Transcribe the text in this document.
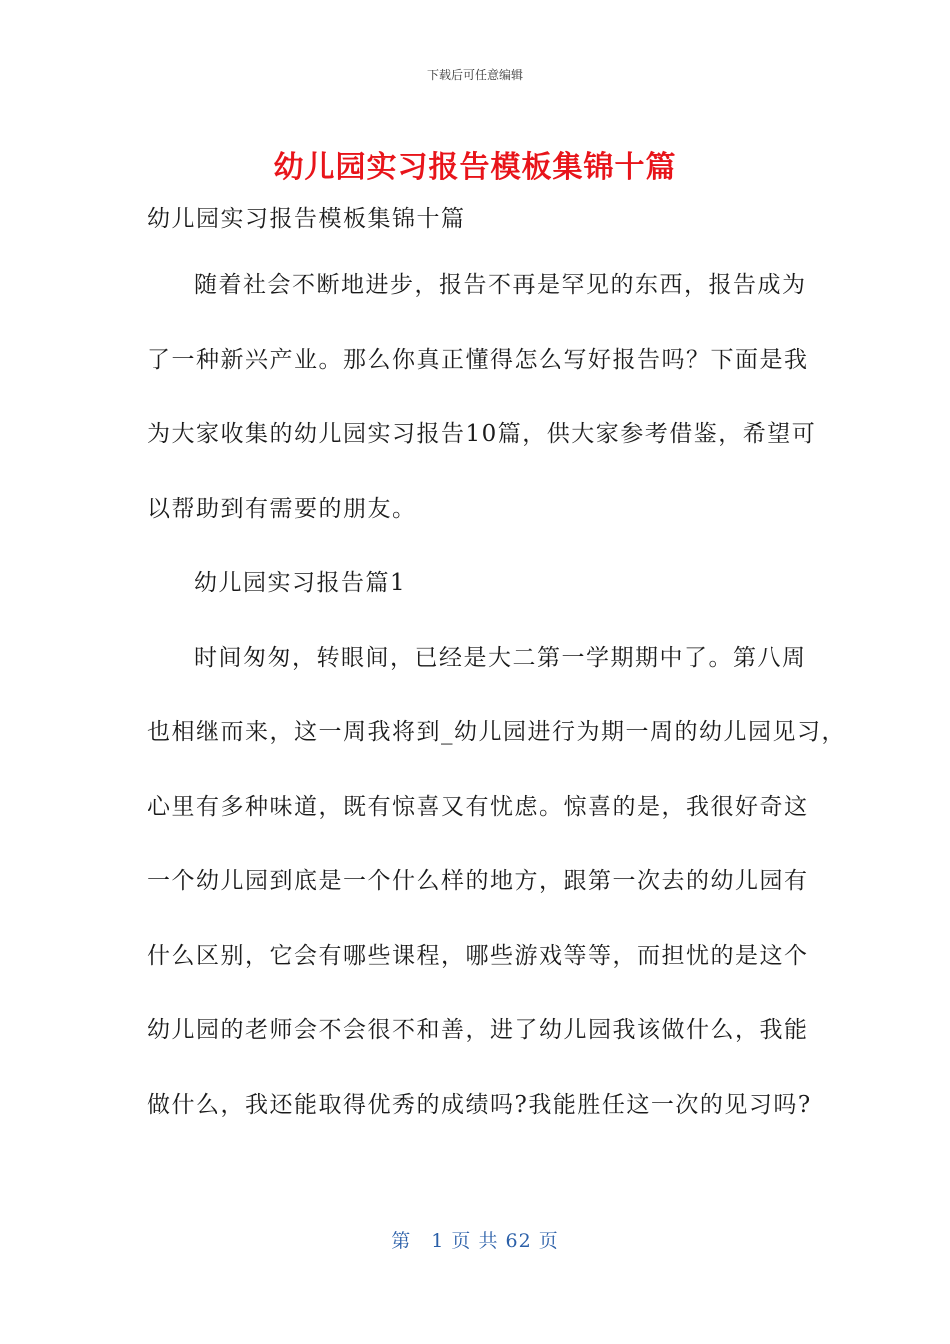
下载后可任意编辑
幼儿园实习报告模板集锦十篇
幼儿园实习报告模板集锦十篇
随着社会不断地进步，报告不再是罕见的东西，报告成为
了一种新兴产业。那么你真正懂得怎么写好报告吗？下面是我
为大家收集的幼儿园实习报告10篇，供大家参考借鉴，希望可
以帮助到有需要的朋友。
幼儿园实习报告篇1
时间匆匆，转眼间，已经是大二第一学期期中了。第八周
也相继而来，这一周我将到_幼儿园进行为期一周的幼儿园见习，
心里有多种味道，既有惊喜又有忧虑。惊喜的是，我很好奇这
一个幼儿园到底是一个什么样的地方，跟第一次去的幼儿园有
什么区别，它会有哪些课程，哪些游戏等等，而担忧的是这个
幼儿园的老师会不会很不和善，进了幼儿园我该做什么，我能
做什么，我还能取得优秀的成绩吗?我能胜任这一次的见习吗?
第　1 页 共 62 页
